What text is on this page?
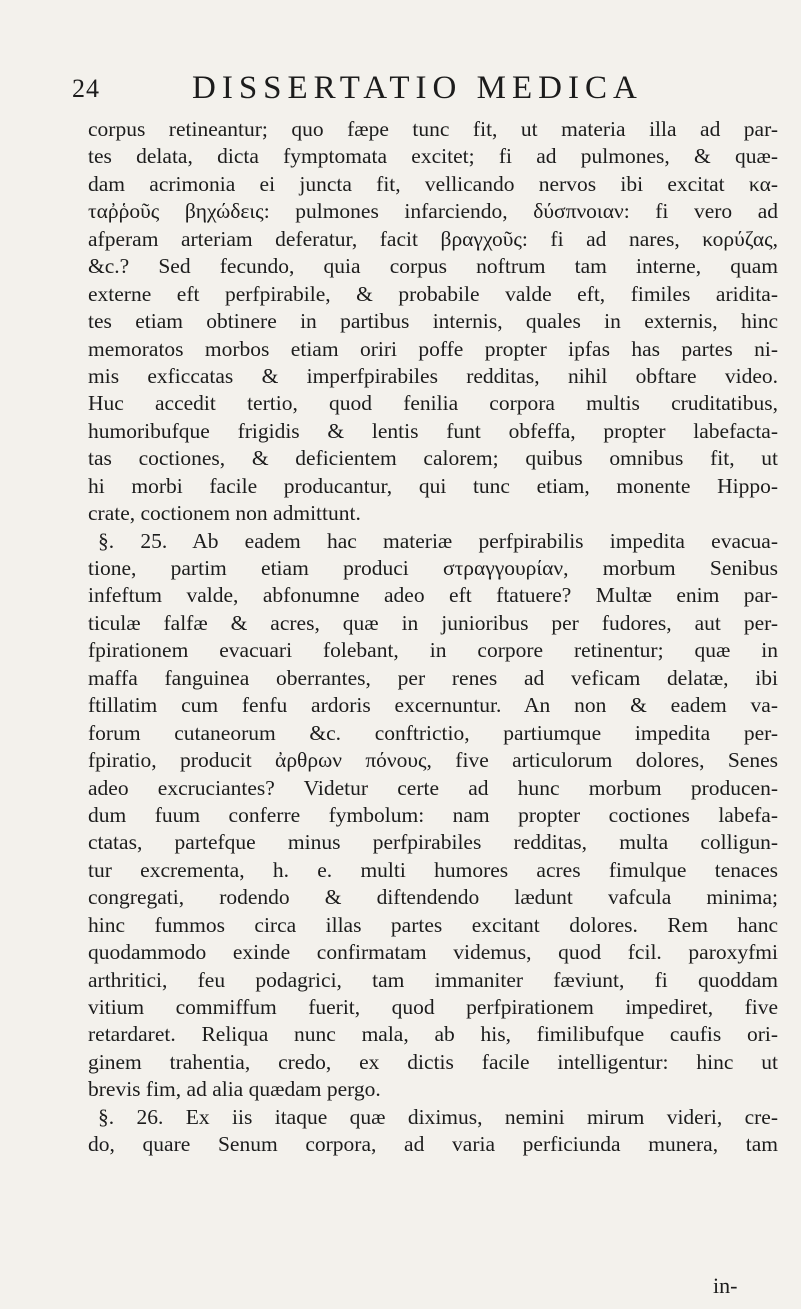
24	DISSERTATIO MEDICA
corpus retineantur; quo fæpe tunc fit, ut materia illa ad par-
tes delata, dicta fymptomata excitet; fi ad pulmones, & quæ-
dam acrimonia ei juncta fit, vellicando nervos ibi excitat κα-
ταῤῥοῦς βηχώδεις: pulmones infarciendo, δύσπνοιαν: fi vero ad
afperam arteriam deferatur, facit βραγχοῦς: fi ad nares, κορύζας,
&c.? Sed fecundo, quia corpus noftrum tam interne, quam
externe eft perfpirabile, & probabile valde eft, fimiles aridita-
tes etiam obtinere in partibus internis, quales in externis, hinc
memoratos morbos etiam oriri poffe propter ipfas has partes ni-
mis exficcatas & imperfpirabiles redditas, nihil obftare video.
Huc accedit tertio, quod fenilia corpora multis cruditatibus,
humoribufque frigidis & lentis funt obfeffa, propter labefacta-
tas coctiones, & deficientem calorem; quibus omnibus fit, ut
hi morbi facile producantur, qui tunc etiam, monente Hippo-
crate, coctionem non admittunt.
§. 25. Ab eadem hac materiæ perfpirabilis impedita evacua-
tione, partim etiam produci στραγγουρίαν, morbum Senibus
infeftum valde, abfonumne adeo eft ftatuere? Multæ enim par-
ticulæ falfæ & acres, quæ in junioribus per fudores, aut per-
fpirationem evacuari folebant, in corpore retinentur; quæ in
maffa fanguinea oberrantes, per renes ad veficam delatæ, ibi
ftillatim cum fenfu ardoris excernuntur. An non & eadem va-
forum cutaneorum &c. conftrictio, partiumque impedita per-
fpiratio, producit ἀρθρων πόνους, five articulorum dolores, Senes
adeo excruciantes? Videtur certe ad hunc morbum producen-
dum fuum conferre fymbolum: nam propter coctiones labefa-
ctatas, partefque minus perfpirabiles redditas, multa colligun-
tur excrementa, h. e. multi humores acres fimulque tenaces
congregati, rodendo & diftendendo lædunt vafcula minima;
hinc fummos circa illas partes excitant dolores. Rem hanc
quodammodo exinde confirmatam videmus, quod fcil. paroxyfmi
arthritici, feu podagrici, tam immaniter fæviunt, fi quoddam
vitium commiffum fuerit, quod perfpirationem impediret, five
retardaret. Reliqua nunc mala, ab his, fimilibufque caufis ori-
ginem trahentia, credo, ex dictis facile intelligentur: hinc ut
brevis fim, ad alia quædam pergo.
§. 26. Ex iis itaque quæ diximus, nemini mirum videri, cre-
do, quare Senum corpora, ad varia perficiunda munera, tam
in-
